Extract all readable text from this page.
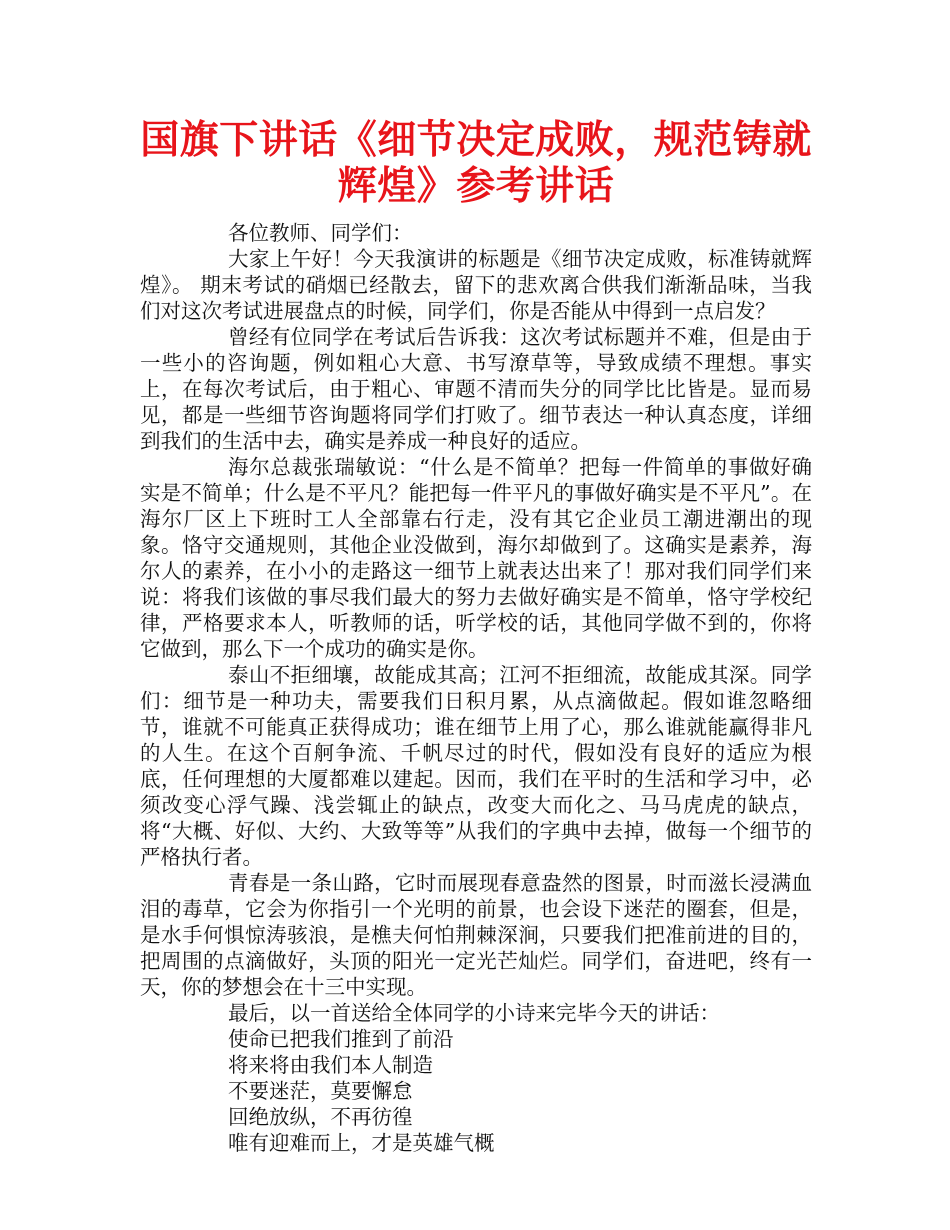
国旗下讲话《细节决定成败，规范铸就辉煌》参考讲话

各位教师、同学们：

大家上午好！今天我演讲的标题是《细节决定成败，标准铸就辉煌》。 期末考试的硝烟已经散去，留下的悲欢离合供我们渐渐品味，当我们对这次考试进展盘点的时候，同学们，你是否能从中得到一点启发？

曾经有位同学在考试后告诉我：这次考试标题并不难，但是由于一些小的咨询题，例如粗心大意、书写潦草等，导致成绩不理想。事实上，在每次考试后，由于粗心、审题不清而失分的同学比比皆是。显而易见，都是一些细节咨询题将同学们打败了。细节表达一种认真态度，详细到我们的生活中去，确实是养成一种良好的适应。

海尔总裁张瑞敏说：“什么是不简单？把每一件简单的事做好确实是不简单；什么是不平凡？能把每一件平凡的事做好确实是不平凡”。在海尔厂区上下班时工人全部靠右行走，没有其它企业员工潮进潮出的现象。恪守交通规则，其他企业没做到，海尔却做到了。这确实是素养，海尔人的素养，在小小的走路这一细节上就表达出来了！那对我们同学们来说：将我们该做的事尽我们最大的努力去做好确实是不简单，恪守学校纪律，严格要求本人，听教师的话，听学校的话，其他同学做不到的，你将它做到，那么下一个成功的确实是你。

泰山不拒细壤，故能成其高；江河不拒细流，故能成其深。同学们：细节是一种功夫，需要我们日积月累，从点滴做起。假如谁忽略细节，谁就不可能真正获得成功；谁在细节上用了心，那么谁就能赢得非凡的人生。在这个百舸争流、千帆尽过的时代，假如没有良好的适应为根底，任何理想的大厦都难以建起。因而，我们在平时的生活和学习中，必须改变心浮气躁、浅尝辄止的缺点，改变大而化之、马马虎虎的缺点，将“大概、好似、大约、大致等等”从我们的字典中去掉，做每一个细节的严格执行者。

青春是一条山路，它时而展现春意盎然的图景，时而滋长浸满血泪的毒草，它会为你指引一个光明的前景，也会设下迷茫的圈套，但是，是水手何惧惊涛骇浪，是樵夫何怕荆棘深涧，只要我们把准前进的目的，把周围的点滴做好，头顶的阳光一定光芒灿烂。同学们，奋进吧，终有一天，你的梦想会在十三中实现。

最后，以一首送给全体同学的小诗来完毕今天的讲话：

使命已把我们推到了前沿

将来将由我们本人制造

不要迷茫，莫要懈怠

回绝放纵，不再彷徨

唯有迎难而上，才是英雄气概
